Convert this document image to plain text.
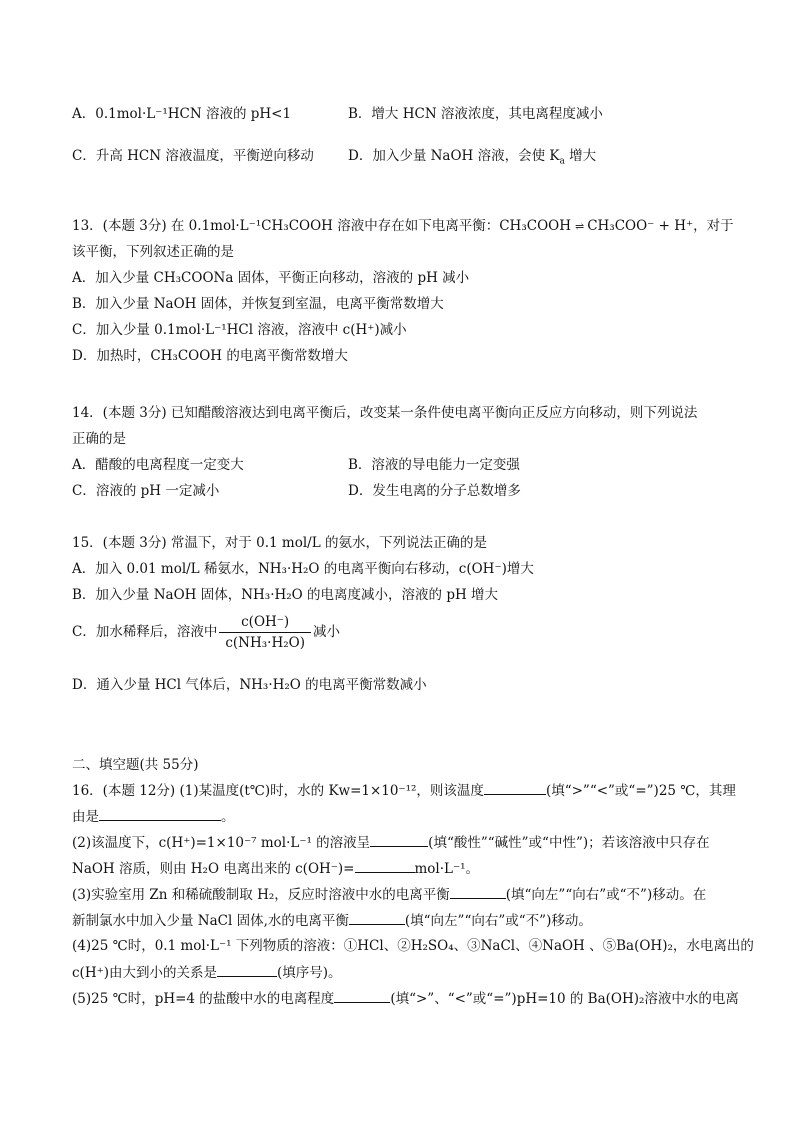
A．0.1mol·L⁻¹HCN 溶液的 pH<1	B．增大 HCN 溶液浓度，其电离程度减小
C．升高 HCN 溶液温度，平衡逆向移动	D．加入少量 NaOH 溶液，会使 $K_a$ 增大
13．(本题 3分) 在 0.1mol·L⁻¹CH₃COOH 溶液中存在如下电离平衡：CH₃COOH ⇌ CH₃COO⁻ + H⁺，对于
该平衡，下列叙述正确的是
A．加入少量 CH₃COONa 固体，平衡正向移动，溶液的 pH 减小
B．加入少量 NaOH 固体，并恢复到室温，电离平衡常数增大
C．加入少量 0.1mol·L⁻¹HCl 溶液，溶液中 c(H⁺)减小
D．加热时，CH₃COOH 的电离平衡常数增大
14．(本题 3分) 已知醋酸溶液达到电离平衡后，改变某一条件使电离平衡向正反应方向移动，则下列说法
正确的是
A．醋酸的电离程度一定变大	B．溶液的导电能力一定变强
C．溶液的 pH 一定减小	D．发生电离的分子总数增多
15．(本题 3分) 常温下，对于 0.1 mol/L 的氨水，下列说法正确的是
A．加入 0.01 mol/L 稀氨水，NH₃·H₂O 的电离平衡向右移动，c(OH⁻)增大
B．加入少量 NaOH 固体，NH₃·H₂O 的电离度减小，溶液的 pH 增大
C．加水稀释后，溶液中 $\frac{c(OH^-)}{\text{c(NH₃·H₂O)}}$ 减小
D．通入少量 HCl 气体后，NH₃·H₂O 的电离平衡常数减小
二、填空题(共 55分)
16．(本题 12分) (1)某温度(t℃)时，水的 Kw=1×10⁻¹²，则该温度	(填“>”“<”或“=”)25 ℃，其理
由是	。
(2)该温度下，c(H⁺)=1×10⁻⁷ mol·L⁻¹ 的溶液呈	(填“酸性”“碱性”或“中性”)；若该溶液中只存在
NaOH 溶质，则由 H₂O 电离出来的 c(OH⁻)=	mol·L⁻¹。
(3)实验室用 Zn 和稀硫酸制取 H₂，反应时溶液中水的电离平衡	(填“向左”“向右”或“不”)移动。在
新制氯水中加入少量 NaCl 固体,水的电离平衡	(填“向左”“向右”或“不”)移动。
(4)25 ℃时，0.1 mol·L⁻¹ 下列物质的溶液：①HCl、②H₂SO₄、③NaCl、④NaOH 、⑤Ba(OH)₂，水电离出的
c(H⁺)由大到小的关系是	(填序号)。
(5)25 ℃时，pH=4 的盐酸中水的电离程度	(填“>”、“<”或“=”)pH=10 的 Ba(OH)₂溶液中水的电离
